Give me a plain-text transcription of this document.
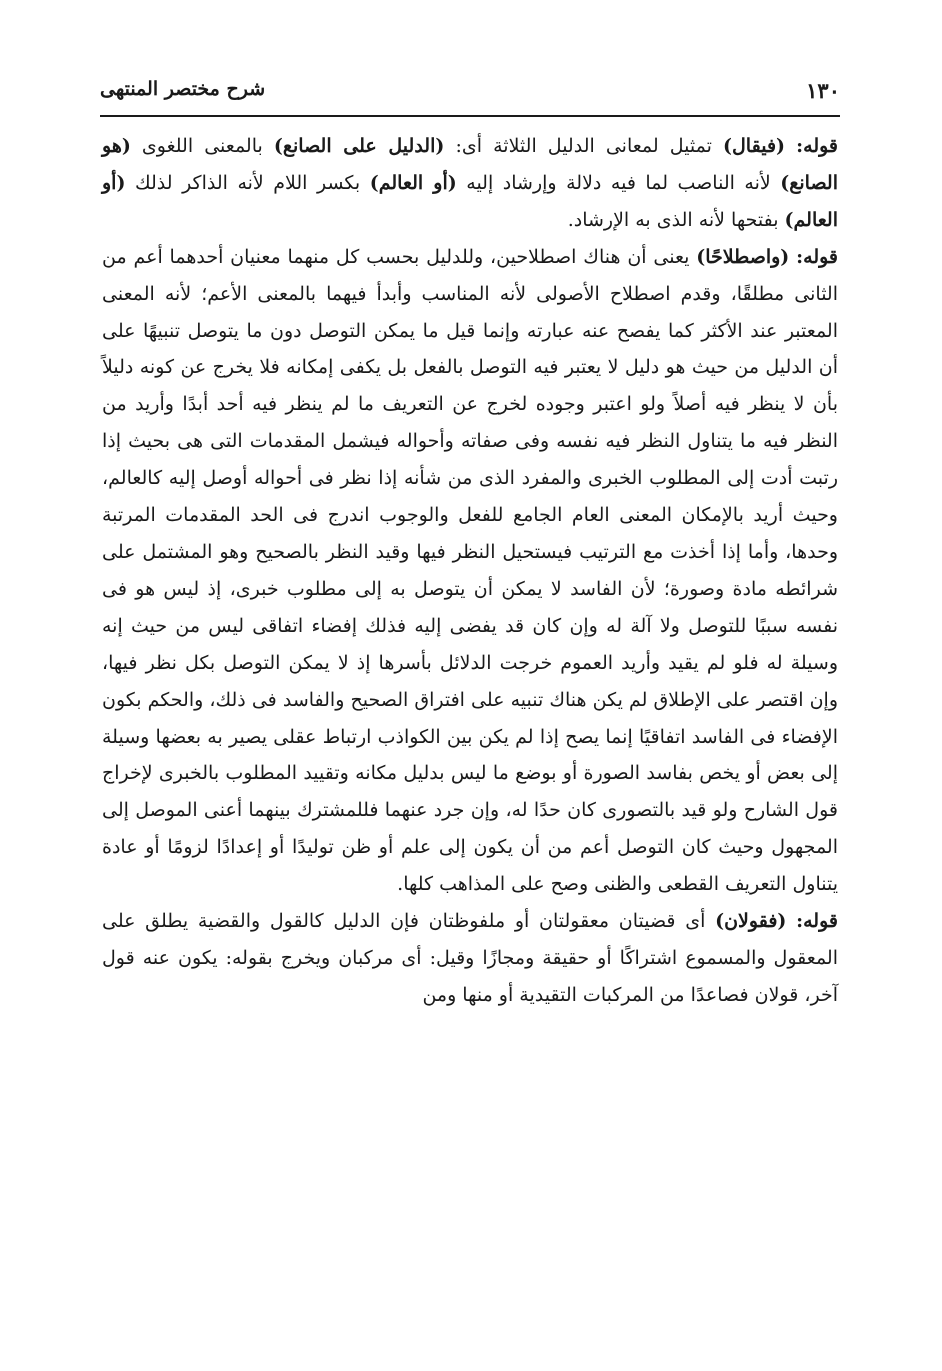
١٣٠
شرح مختصر المنتهى

قوله: (فيقال) تمثيل لمعانى الدليل الثلاثة أى: (الدليل على الصانع) بالمعنى اللغوى (هو الصانع) لأنه الناصب لما فيه دلالة وإرشاد إليه (أو العالم) بكسر اللام لأنه الذاكر لذلك (أو العالم) بفتحها لأنه الذى به الإرشاد.

قوله: (واصطلاحًا) يعنى أن هناك اصطلاحين، وللدليل بحسب كل منهما معنيان أحدهما أعم من الثانى مطلقًا، وقدم اصطلاح الأصولى لأنه المناسب وأبدأ فيهما بالمعنى الأعم؛ لأنه المعنى المعتبر عند الأكثر كما يفصح عنه عبارته وإنما قيل ما يمكن التوصل دون ما يتوصل تنبيهًا على أن الدليل من حيث هو دليل لا يعتبر فيه التوصل بالفعل بل يكفى إمكانه فلا يخرج عن كونه دليلاً بأن لا ينظر فيه أصلاً ولو اعتبر وجوده لخرج عن التعريف ما لم ينظر فيه أحد أبدًا وأريد من النظر فيه ما يتناول النظر فيه نفسه وفى صفاته وأحواله فيشمل المقدمات التى هى بحيث إذا رتبت أدت إلى المطلوب الخبرى والمفرد الذى من شأنه إذا نظر فى أحواله أوصل إليه كالعالم، وحيث أريد بالإمكان المعنى العام الجامع للفعل والوجوب اندرج فى الحد المقدمات المرتبة وحدها، وأما إذا أخذت مع الترتيب فيستحيل النظر فيها وقيد النظر بالصحيح وهو المشتمل على شرائطه مادة وصورة؛ لأن الفاسد لا يمكن أن يتوصل به إلى مطلوب خبرى، إذ ليس هو فى نفسه سببًا للتوصل ولا آلة له وإن كان قد يفضى إليه فذلك إفضاء اتفاقى ليس من حيث إنه وسيلة له فلو لم يقيد وأريد العموم خرجت الدلائل بأسرها إذ لا يمكن التوصل بكل نظر فيها، وإن اقتصر على الإطلاق لم يكن هناك تنبيه على افتراق الصحيح والفاسد فى ذلك، والحكم بكون الإفضاء فى الفاسد اتفاقيًا إنما يصح إذا لم يكن بين الكواذب ارتباط عقلى يصير به بعضها وسيلة إلى بعض أو يخص بفاسد الصورة أو بوضع ما ليس بدليل مكانه وتقييد المطلوب بالخبرى لإخراج قول الشارح ولو قيد بالتصورى كان حدًا له، وإن جرد عنهما فللمشترك بينهما أعنى الموصل إلى المجهول وحيث كان التوصل أعم من أن يكون إلى علم أو ظن توليدًا أو إعدادًا لزومًا أو عادة يتناول التعريف القطعى والظنى وصح على المذاهب كلها.

قوله: (فقولان) أى قضيتان معقولتان أو ملفوظتان فإن الدليل كالقول والقضية يطلق على المعقول والمسموع اشتراكًا أو حقيقة ومجازًا وقيل: أى مركبان ويخرج بقوله: يكون عنه قول آخر، قولان فصاعدًا من المركبات التقيدية أو منها ومن
